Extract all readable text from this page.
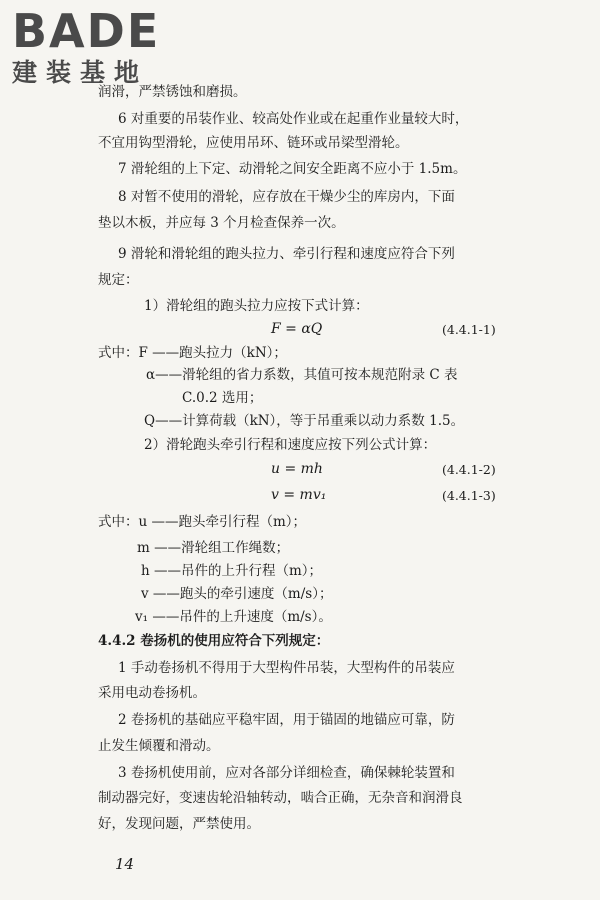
BADE
建装基地
润滑，严禁锈蚀和磨损。
6 对重要的吊装作业、较高处作业或在起重作业量较大时，
不宜用钩型滑轮，应使用吊环、链环或吊梁型滑轮。
7 滑轮组的上下定、动滑轮之间安全距离不应小于 1.5m。
8 对暂不使用的滑轮，应存放在干燥少尘的库房内，下面
垫以木板，并应每 3 个月检查保养一次。
9 滑轮和滑轮组的跑头拉力、牵引行程和速度应符合下列
规定：
1）滑轮组的跑头拉力应按下式计算：
F = αQ	(4.4.1-1)
式中：F ——跑头拉力（kN）；
α——滑轮组的省力系数，其值可按本规范附录 C 表
C.0.2 选用；
Q——计算荷载（kN），等于吊重乘以动力系数 1.5。
2）滑轮跑头牵引行程和速度应按下列公式计算：
u = mh	(4.4.1-2)
v = mv₁	(4.4.1-3)
式中：u ——跑头牵引行程（m）；
m ——滑轮组工作绳数；
h ——吊件的上升行程（m）；
v ——跑头的牵引速度（m/s）；
v₁ ——吊件的上升速度（m/s）。
4.4.2 卷扬机的使用应符合下列规定：
1 手动卷扬机不得用于大型构件吊装，大型构件的吊装应
采用电动卷扬机。
2 卷扬机的基础应平稳牢固，用于锚固的地锚应可靠，防
止发生倾覆和滑动。
3 卷扬机使用前，应对各部分详细检查，确保棘轮装置和
制动器完好，变速齿轮沿轴转动，啮合正确，无杂音和润滑良
14
好，发现问题，严禁使用。
